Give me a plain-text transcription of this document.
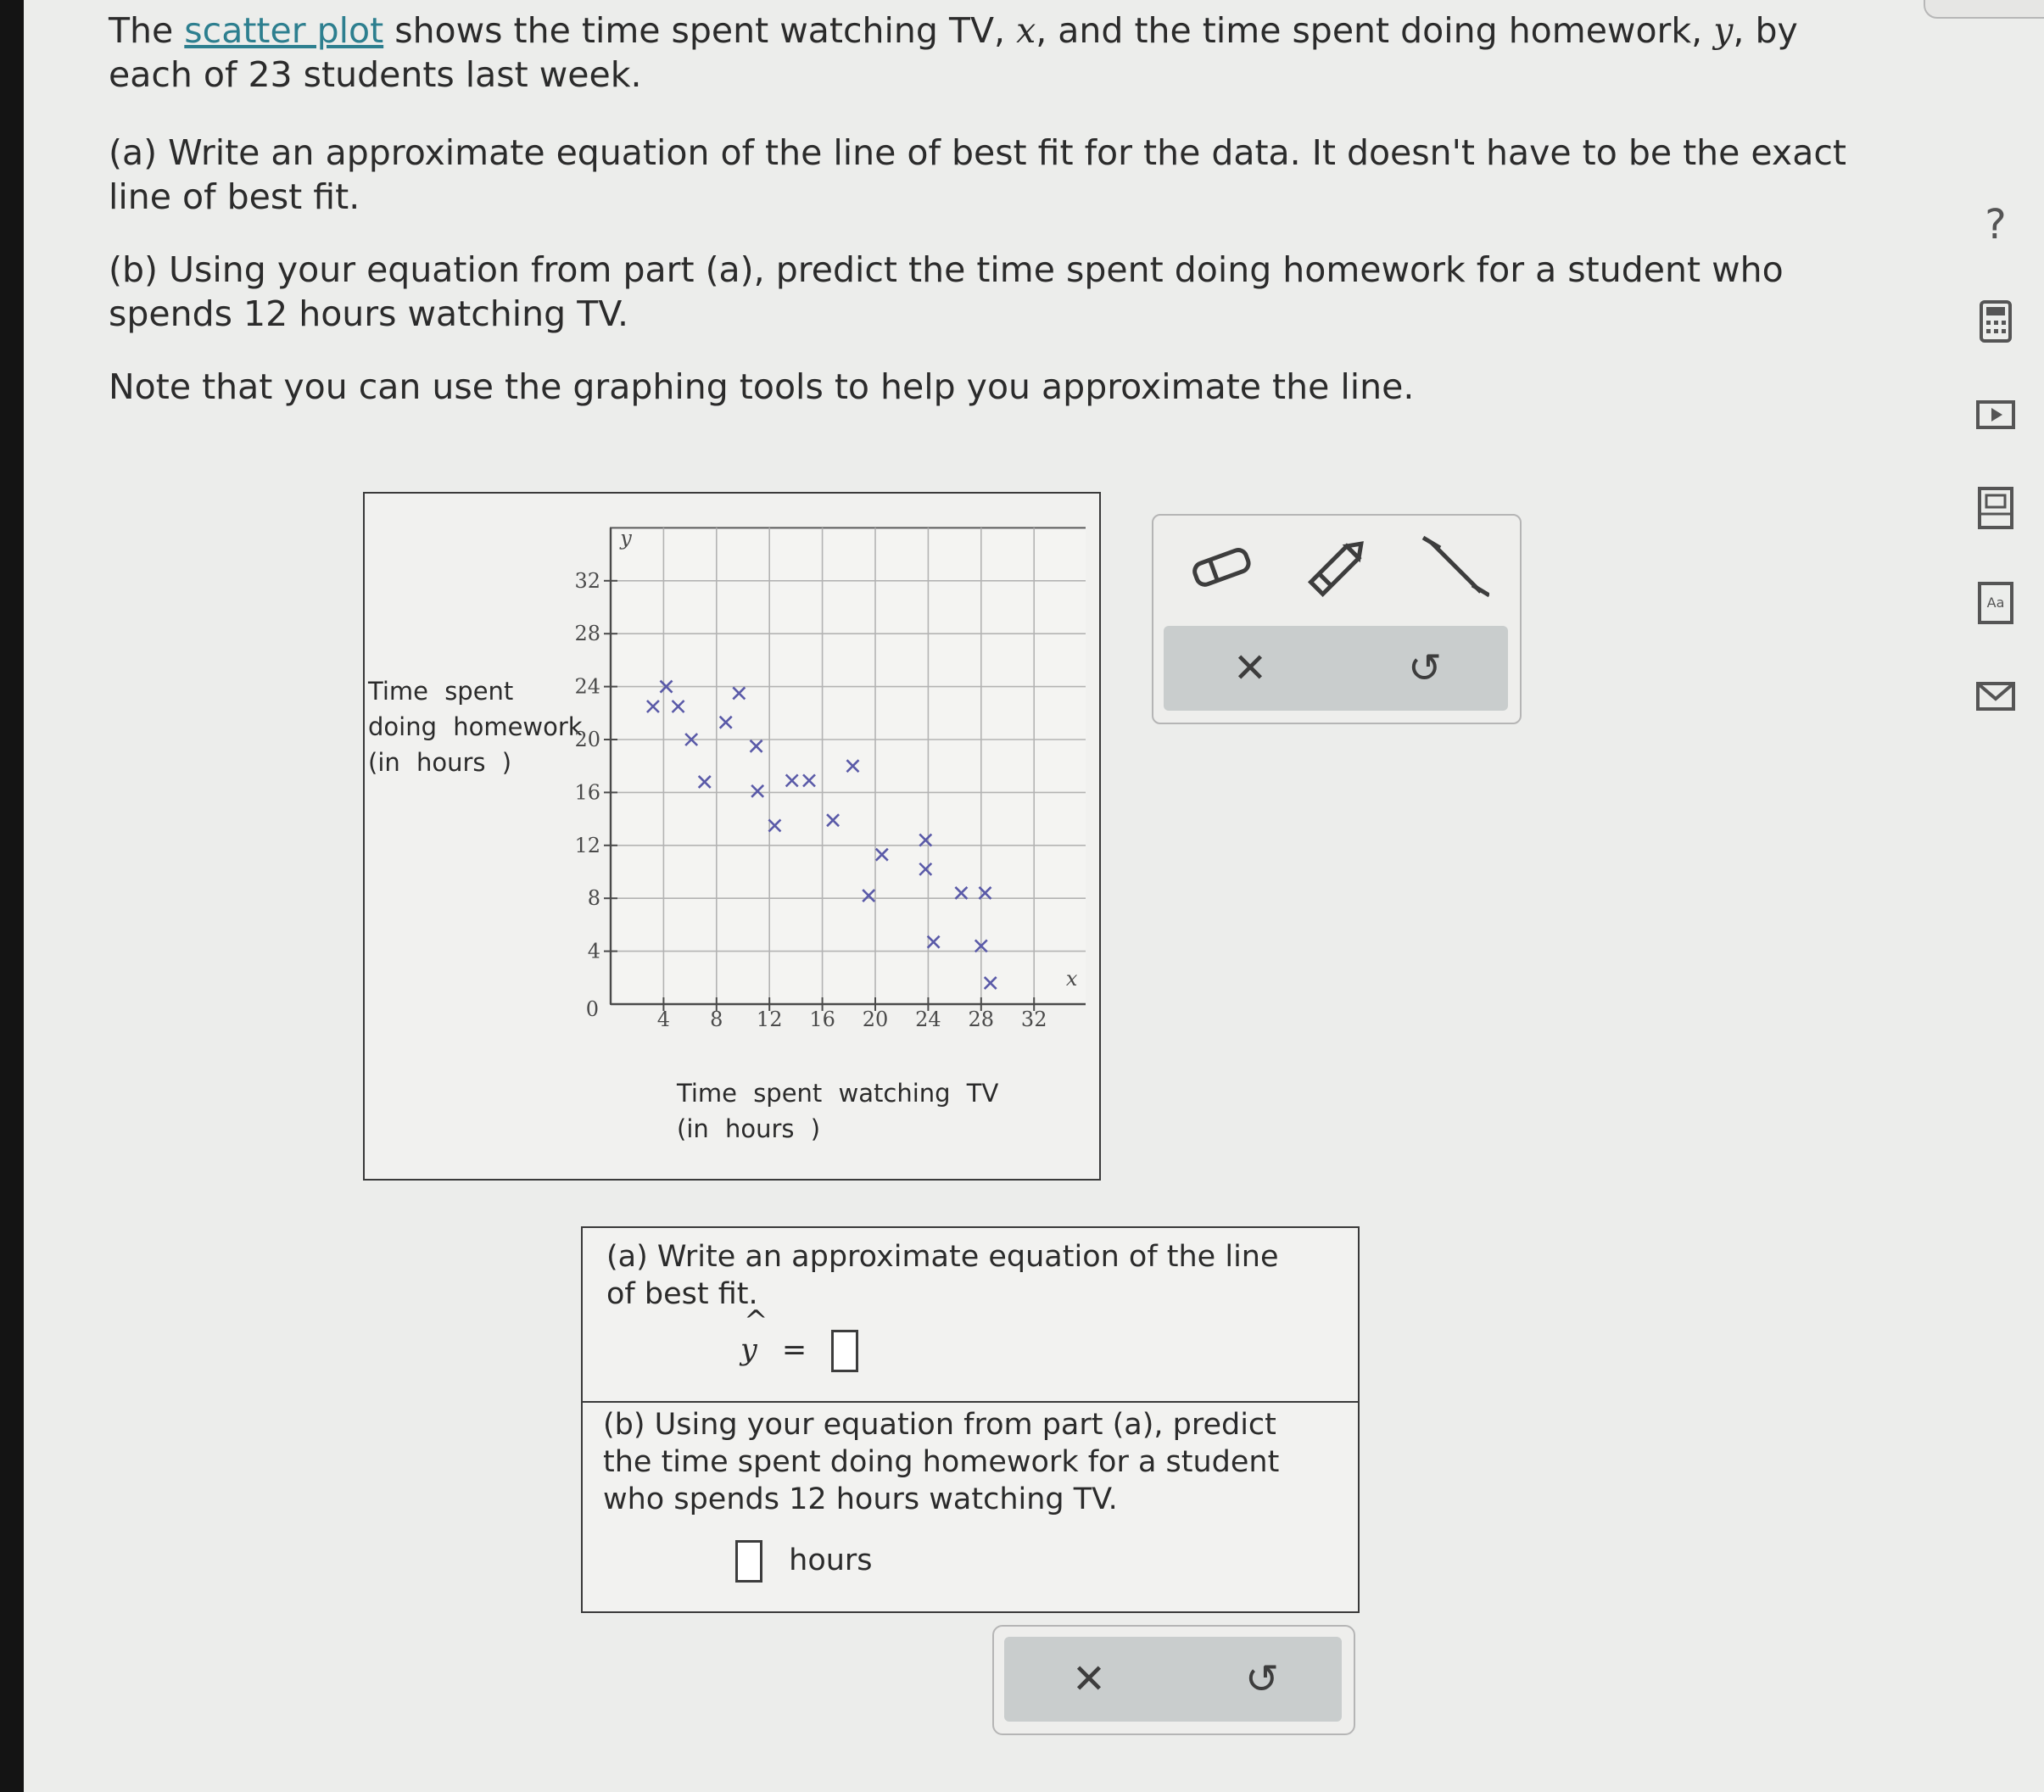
The scatter plot shows the time spent watching TV, x, and the time spent doing homework, ^ y, by each of 23 students last week.

(a) Write an approximate equation of the line of best fit for the data. It doesn't have to be the exact line of best fit.

(b) Using your equation from part (a), predict the time spent doing homework for a student who spends 12 hours watching TV.

Note that you can use the graphing tools to help you approximate the line.

Time spent
doing homework
(in hours )
4 8 12 16 20 24 28 32
4
8
12
16
20
24
28
32
0
y
x
Time spent watching TV
(in hours )
✕	↺
(a) Write an approximate equation of the line of best fit.
^ y =
(b) Using your equation from part (a), predict the time spent doing homework for a student who spends 12 hours watching TV.
hours
✕	↺
?
Aa
